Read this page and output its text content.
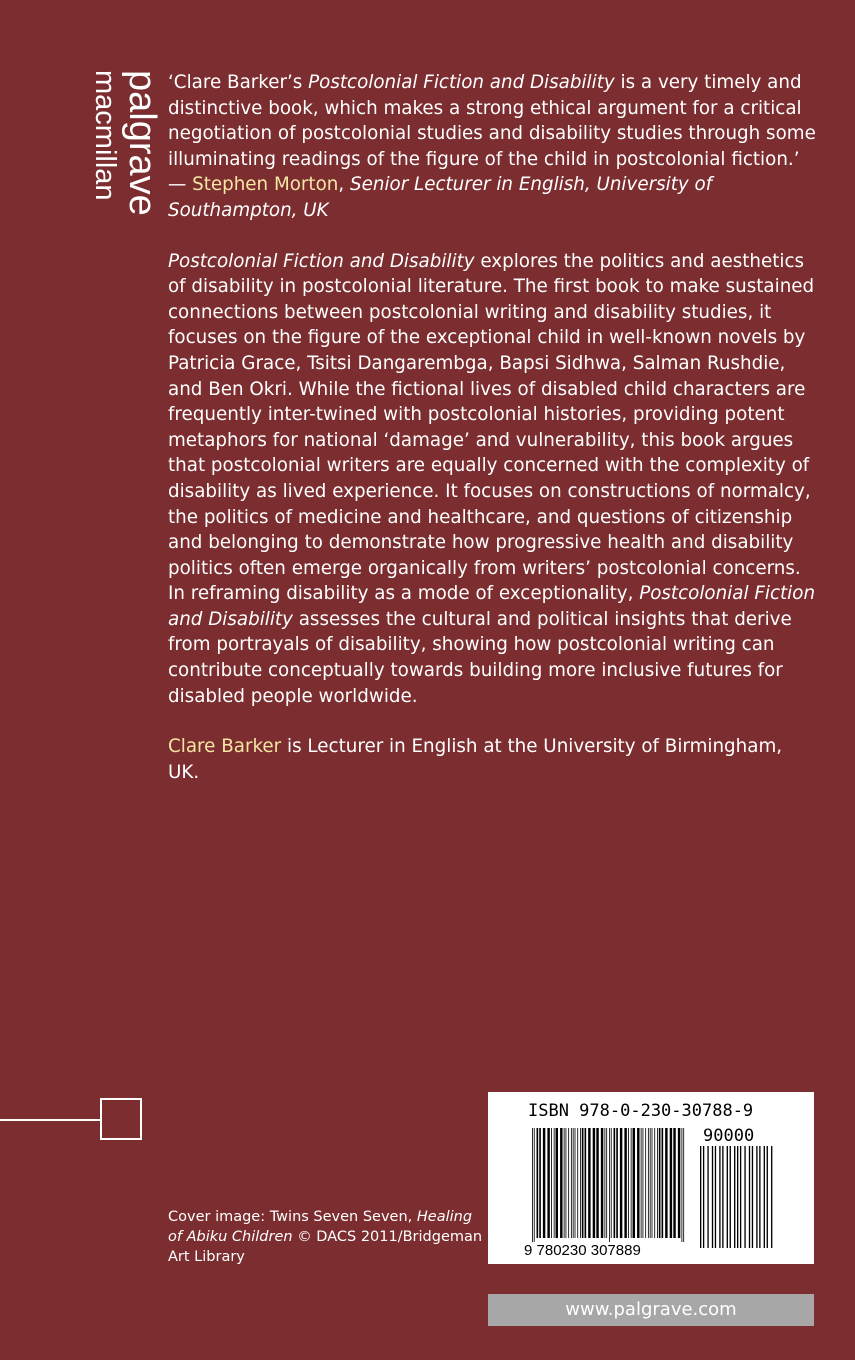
palgrave
macmillan	‘Clare Barker’s Postcolonial Fiction and Disability is a very timely and distinctive book, which makes a strong ethical argument for a critical negotiation of postcolonial studies and disability studies through some illuminating readings of the figure of the child in postcolonial fiction.’
— Stephen Morton, Senior Lecturer in English, University of Southampton, UK

Postcolonial Fiction and Disability explores the politics and aesthetics of disability in postcolonial literature. The first book to make sustained connections between postcolonial writing and disability studies, it focuses on the figure of the exceptional child in well-known novels by Patricia Grace, Tsitsi Dangarembga, Bapsi Sidhwa, Salman Rushdie, and Ben Okri. While the fictional lives of disabled child characters are frequently inter-twined with postcolonial histories, providing potent metaphors for national ‘damage’ and vulnerability, this book argues that postcolonial writers are equally concerned with the complexity of disability as lived experience. It focuses on constructions of normalcy, the politics of medicine and healthcare, and questions of citizenship and belonging to demonstrate how progressive health and disability politics often emerge organically from writers’ postcolonial concerns. In reframing disability as a mode of exceptionality, Postcolonial Fiction and Disability assesses the cultural and political insights that derive from portrayals of disability, showing how postcolonial writing can contribute conceptually towards building more inclusive futures for disabled people worldwide.

Clare Barker is Lecturer in English at the University of Birmingham, UK.

Cover image: Twins Seven Seven, Healing of Abiku Children © DACS 2011/Bridgeman Art Library
ISBN 978-0-230-30788-9
90000
9 780230 307889
www.palgrave.com
